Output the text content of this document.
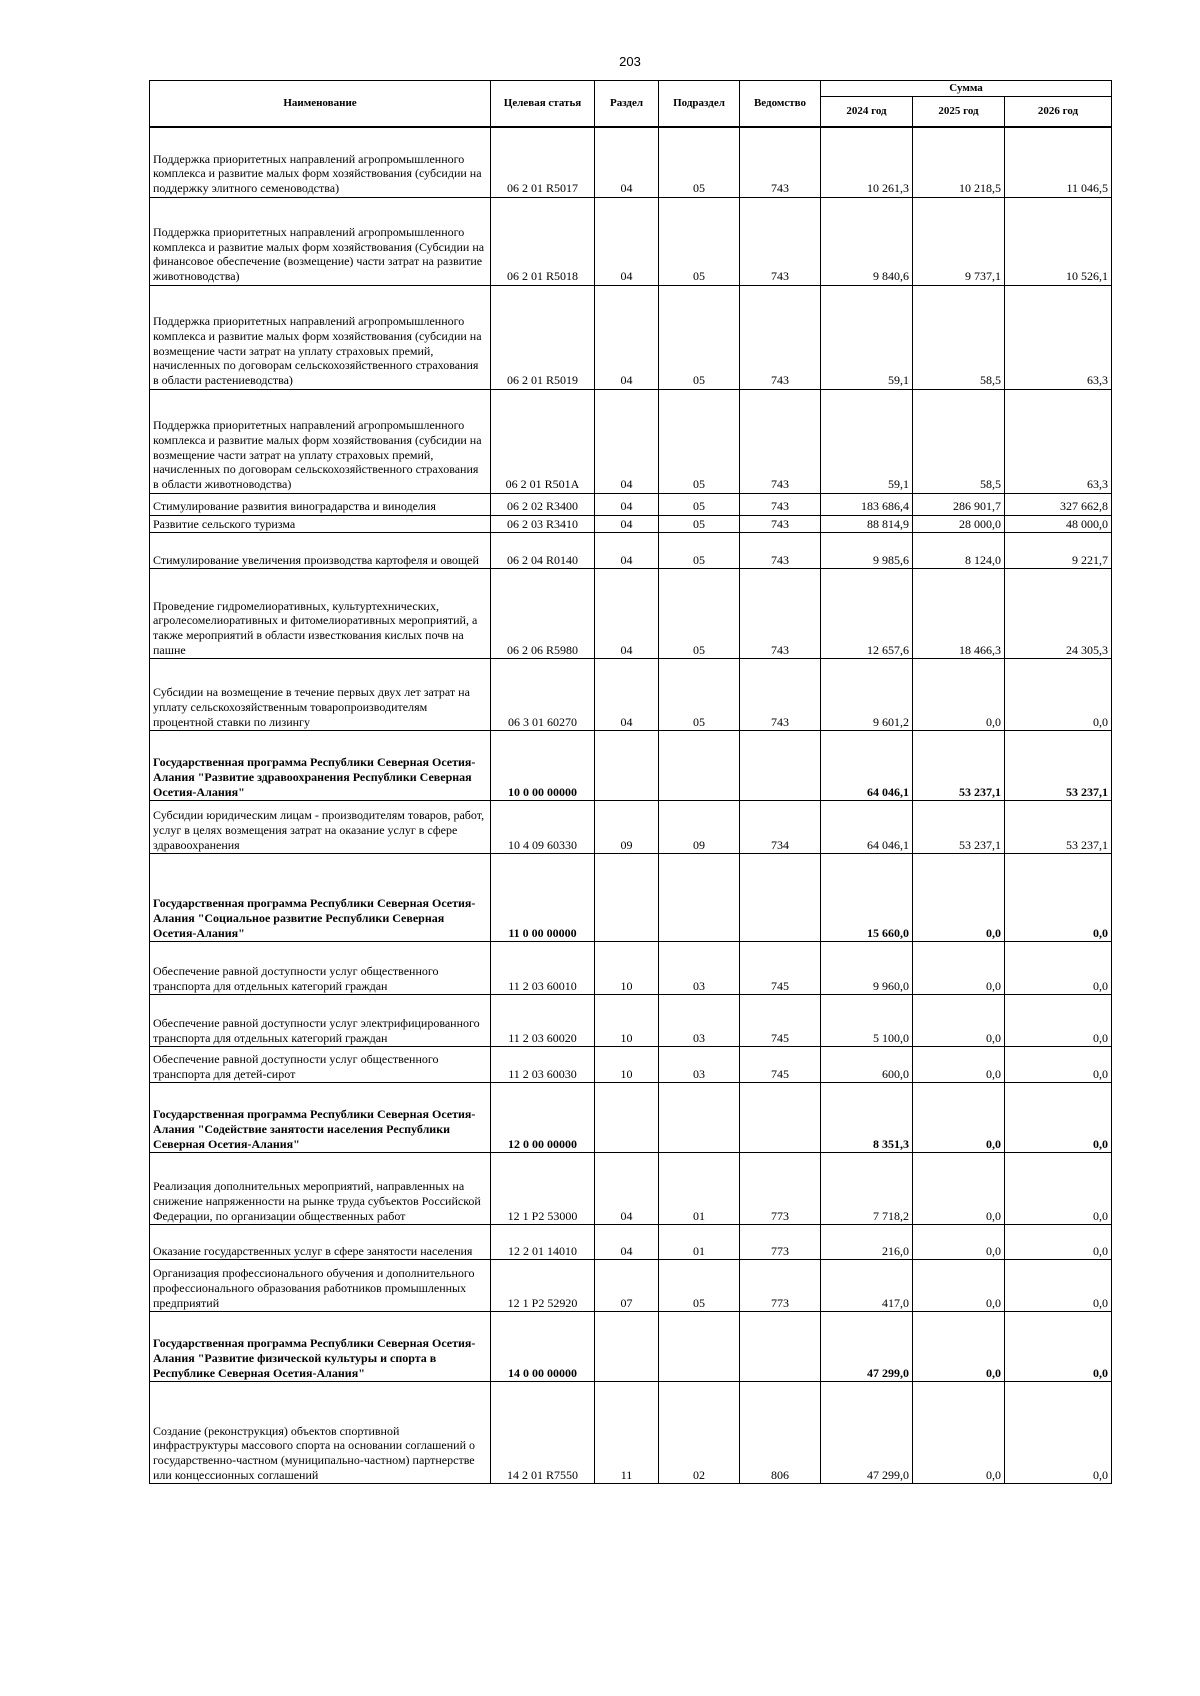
203
Наименование	Целевая статья	Раздел	Подраздел	Ведомство	Сумма		
					2024 год	2025 год	2026 год
Поддержка приоритетных направлений агропромышленного комплекса и развитие малых форм хозяйствования (субсидии на поддержку элитного семеноводства)	06 2 01 R5017	04	05	743	10 261,3	10 218,5	11 046,5
Поддержка приоритетных направлений агропромышленного комплекса и развитие малых форм хозяйствования (Субсидии на финансовое обеспечение (возмещение) части затрат на развитие животноводства)	06 2 01 R5018	04	05	743	9 840,6	9 737,1	10 526,1
Поддержка приоритетных направлений агропромышленного комплекса и развитие малых форм хозяйствования (субсидии на возмещение части затрат на уплату страховых премий, начисленных по договорам сельскохозяйственного страхования в области растениеводства)	06 2 01 R5019	04	05	743	59,1	58,5	63,3
Поддержка приоритетных направлений агропромышленного комплекса и развитие малых форм хозяйствования (субсидии на возмещение части затрат на уплату страховых премий, начисленных по договорам сельскохозяйственного страхования в области животноводства)	06 2 01 R501A	04	05	743	59,1	58,5	63,3
Стимулирование развития виноградарства и виноделия	06 2 02 R3400	04	05	743	183 686,4	286 901,7	327 662,8
Развитие сельского туризма	06 2 03 R3410	04	05	743	88 814,9	28 000,0	48 000,0
Стимулирование увеличения производства картофеля и овощей	06 2 04 R0140	04	05	743	9 985,6	8 124,0	9 221,7
Проведение гидромелиоративных, культуртехнических, агролесомелиоративных и фитомелиоративных мероприятий, а также мероприятий в области известкования кислых почв на пашне	06 2 06 R5980	04	05	743	12 657,6	18 466,3	24 305,3
Субсидии на возмещение в течение первых двух лет затрат на уплату сельскохозяйственным товаропроизводителям процентной ставки по лизингу	06 3 01 60270	04	05	743	9 601,2	0,0	0,0
Государственная программа Республики Северная Осетия-Алания "Развитие здравоохранения Республики Северная Осетия-Алания"	10 0 00 00000				64 046,1	53 237,1	53 237,1
Субсидии юридическим лицам - производителям товаров, работ, услуг в целях возмещения затрат на оказание услуг в сфере здравоохранения	10 4 09 60330	09	09	734	64 046,1	53 237,1	53 237,1
Государственная программа Республики Северная Осетия-Алания "Социальное развитие Республики Северная Осетия-Алания"	11 0 00 00000				15 660,0	0,0	0,0
Обеспечение равной доступности услуг общественного транспорта для отдельных категорий граждан	11 2 03 60010	10	03	745	9 960,0	0,0	0,0
Обеспечение равной доступности услуг электрифицированного транспорта для отдельных категорий граждан	11 2 03 60020	10	03	745	5 100,0	0,0	0,0
Обеспечение равной доступности услуг общественного транспорта для детей-сирот	11 2 03 60030	10	03	745	600,0	0,0	0,0
Государственная программа Республики Северная Осетия-Алания "Содействие занятости населения Республики Северная Осетия-Алания"	12 0 00 00000				8 351,3	0,0	0,0
Реализация дополнительных мероприятий, направленных на снижение напряженности на рынке труда субъектов Российской Федерации, по организации общественных работ	12 1 P2 53000	04	01	773	7 718,2	0,0	0,0
Оказание государственных услуг в сфере занятости населения	12 2 01 14010	04	01	773	216,0	0,0	0,0
Организация профессионального обучения и дополнительного профессионального образования работников промышленных предприятий	12 1 P2 52920	07	05	773	417,0	0,0	0,0
Государственная программа Республики Северная Осетия-Алания "Развитие физической культуры и спорта в Республике Северная Осетия-Алания"	14 0 00 00000				47 299,0	0,0	0,0
Создание (реконструкция) объектов спортивной инфраструктуры массового спорта на основании соглашений о государственно-частном (муниципально-частном) партнерстве или концессионных соглашений	14 2 01 R7550	11	02	806	47 299,0	0,0	0,0
